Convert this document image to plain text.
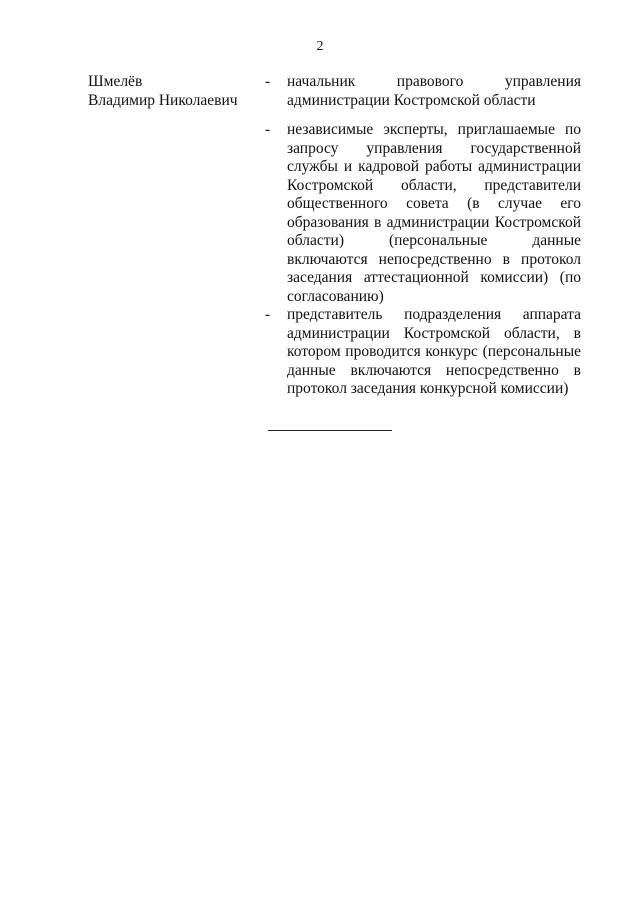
2
Шмелёв
Владимир Николаевич
- начальник правового управления администрации Костромской области
- независимые эксперты, приглашаемые по запросу управления государственной службы и кадровой работы администрации Костромской области, представители общественного совета (в случае его образования в администрации Костромской области) (персональные данные включаются непосредственно в протокол заседания аттестационной комиссии) (по согласованию)
- представитель подразделения аппарата администрации Костромской области, в котором проводится конкурс (персональные данные включаются непосредственно в протокол заседания конкурсной комиссии)
